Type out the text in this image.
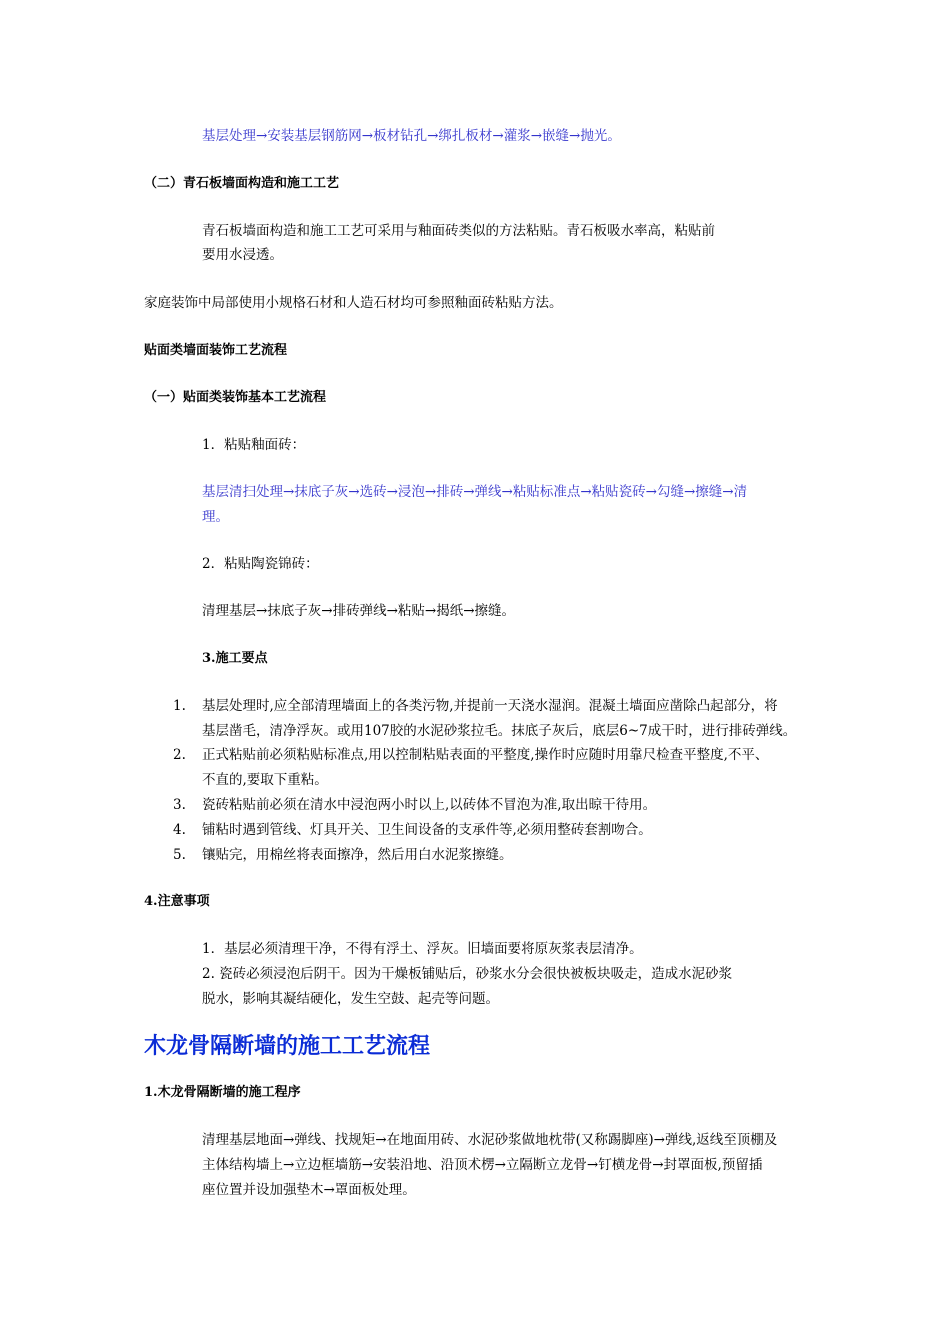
基层处理→安装基层钢筋网→板材钻孔→绑扎板材→灌浆→嵌缝→抛光。
（二）青石板墙面构造和施工工艺
青石板墙面构造和施工工艺可采用与釉面砖类似的方法粘贴。青石板吸水率高，粘贴前
要用水浸透。
家庭装饰中局部使用小规格石材和人造石材均可参照釉面砖粘贴方法。
贴面类墙面装饰工艺流程
（一）贴面类装饰基本工艺流程
1．粘贴釉面砖：
基层清扫处理→抹底子灰→选砖→浸泡→排砖→弹线→粘贴标准点→粘贴瓷砖→勾缝→擦缝→清
理。
2．粘贴陶瓷锦砖：
清理基层→抹底子灰→排砖弹线→粘贴→揭纸→擦缝。
3.施工要点
1. 基层处理时,应全部清理墙面上的各类污物,并提前一天浇水湿润。混凝土墙面应凿除凸起部分，将
基层凿毛，清净浮灰。或用107胶的水泥砂浆拉毛。抹底子灰后，底层6~7成干时，进行排砖弹线。
2. 正式粘贴前必须粘贴标准点,用以控制粘贴表面的平整度,操作时应随时用靠尺检查平整度,不平、
不直的,要取下重粘。
3. 瓷砖粘贴前必须在清水中浸泡两小时以上,以砖体不冒泡为准,取出晾干待用。
4. 铺粘时遇到管线、灯具开关、卫生间设备的支承件等,必须用整砖套割吻合。
5. 镶贴完，用棉丝将表面擦净，然后用白水泥浆擦缝。
4.注意事项
1．基层必须清理干净，不得有浮土、浮灰。旧墙面要将原灰浆表层清净。
2. 瓷砖必须浸泡后阴干。因为干燥板铺贴后，砂浆水分会很快被板块吸走，造成水泥砂浆
脱水，影响其凝结硬化，发生空鼓、起壳等问题。
木龙骨隔断墙的施工工艺流程
1.木龙骨隔断墙的施工程序
清理基层地面→弹线、找规矩→在地面用砖、水泥砂浆做地枕带(又称踢脚座)→弹线,返线至顶棚及
主体结构墙上→立边框墙筋→安装沿地、沿顶术楞→立隔断立龙骨→钉横龙骨→封罩面板,预留插
座位置并设加强垫木→罩面板处理。
